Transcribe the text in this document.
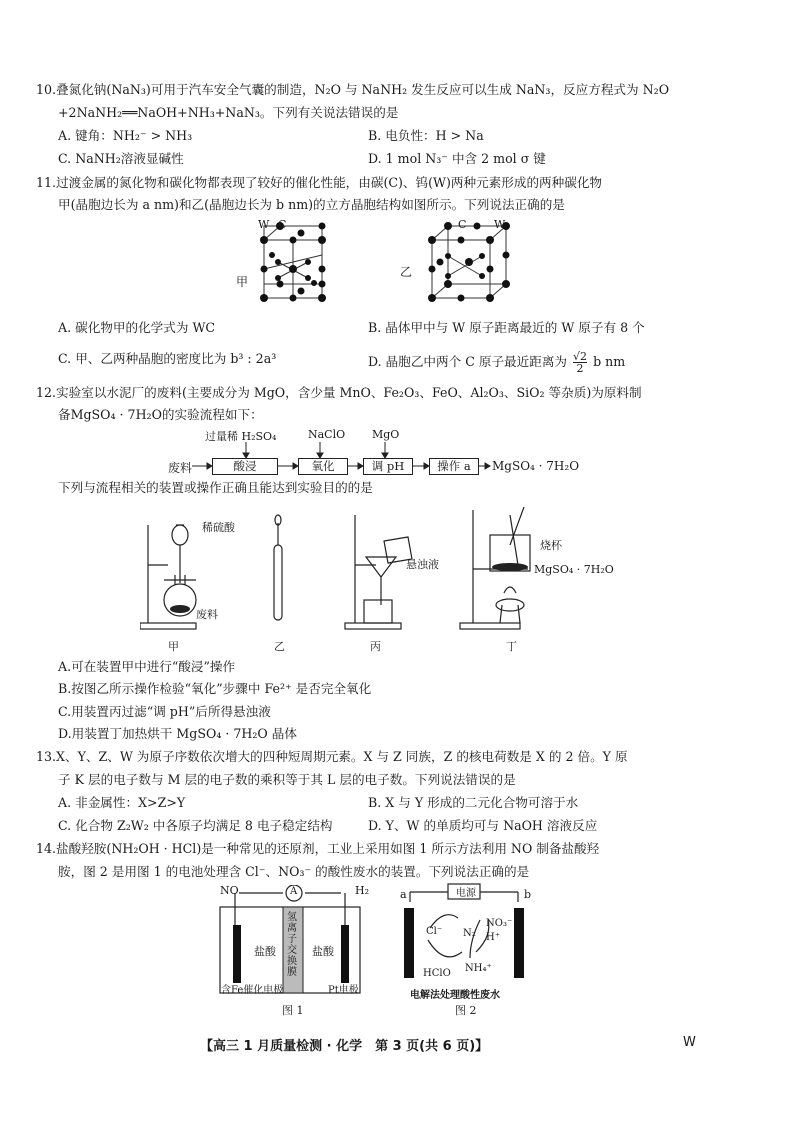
10.叠氮化钠(NaN₃)可用于汽车安全气囊的制造，N₂O 与 NaNH₂ 发生反应可以生成 NaN₃，反应方程式为 N₂O
+2NaNH₂══NaOH+NH₃+NaN₃。下列有关说法错误的是
A. 键角：NH₂⁻ > NH₃	B. 电负性：H > Na
C. NaNH₂溶液显碱性	D. 1 mol N₃⁻ 中含 2 mol σ 键
11.过渡金属的氮化物和碳化物都表现了较好的催化性能，由碳(C)、钨(W)两种元素形成的两种碳化物
甲(晶胞边长为 a nm)和乙(晶胞边长为 b nm)的立方晶胞结构如图所示。下列说法正确的是
W C
甲
C	W
乙
A. 碳化物甲的化学式为 WC	B. 晶体甲中与 W 原子距离最近的 W 原子有 8 个
C. 甲、乙两种晶胞的密度比为 b³ : 2a³	D. 晶胞乙中两个 C 原子最近距离为 $\frac{√2}{2}$ b nm
12.实验室以水泥厂的废料(主要成分为 MgO，含少量 MnO、Fe₂O₃、FeO、Al₂O₃、SiO₂ 等杂质)为原料制
备MgSO₄ · 7H₂O的实验流程如下：
过量稀 H₂SO₄	NaClO MgO
废料	酸浸	氧化	调 pH	操作 a	MgSO₄ · 7H₂O
下列与流程相关的装置或操作正确且能达到实验目的的是
稀硫酸
废料
悬浊液
烧杯
MgSO₄ · 7H₂O
甲	乙	丙	丁
A.可在装置甲中进行“酸浸”操作
B.按图乙所示操作检验“氧化”步骤中 Fe²⁺ 是否完全氧化
C.用装置丙过滤“调 pH”后所得悬浊液
D.用装置丁加热烘干 MgSO₄ · 7H₂O 晶体
13.X、Y、Z、W 为原子序数依次增大的四种短周期元素。X 与 Z 同族，Z 的核电荷数是 X 的 2 倍。Y 原
子 K 层的电子数与 M 层的电子数的乘积等于其 L 层的电子数。下列说法错误的是
A. 非金属性：X>Z>Y	B. X 与 Y 形成的二元化合物可溶于水
C. 化合物 Z₂W₂ 中各原子均满足 8 电子稳定结构	D. Y、W 的单质均可与 NaOH 溶液反应
14.盐酸羟胺(NH₂OH · HCl)是一种常见的还原剂，工业上采用如图 1 所示方法利用 NO 制备盐酸羟
胺，图 2 是用图 1 的电池处理含 Cl⁻、NO₃⁻ 的酸性废水的装置。下列说法正确的是
NO	H₂
A
盐酸	盐酸
氢离子交换膜
含Fe催化电极	Pt电极
图 1
电源
a	b
Cl⁻ N₂
NO₃⁻
H⁺
HClO NH₄⁺
电解法处理酸性废水
图 2
【高三 1 月质量检测 · 化学　第 3 页(共 6 页)】	W
